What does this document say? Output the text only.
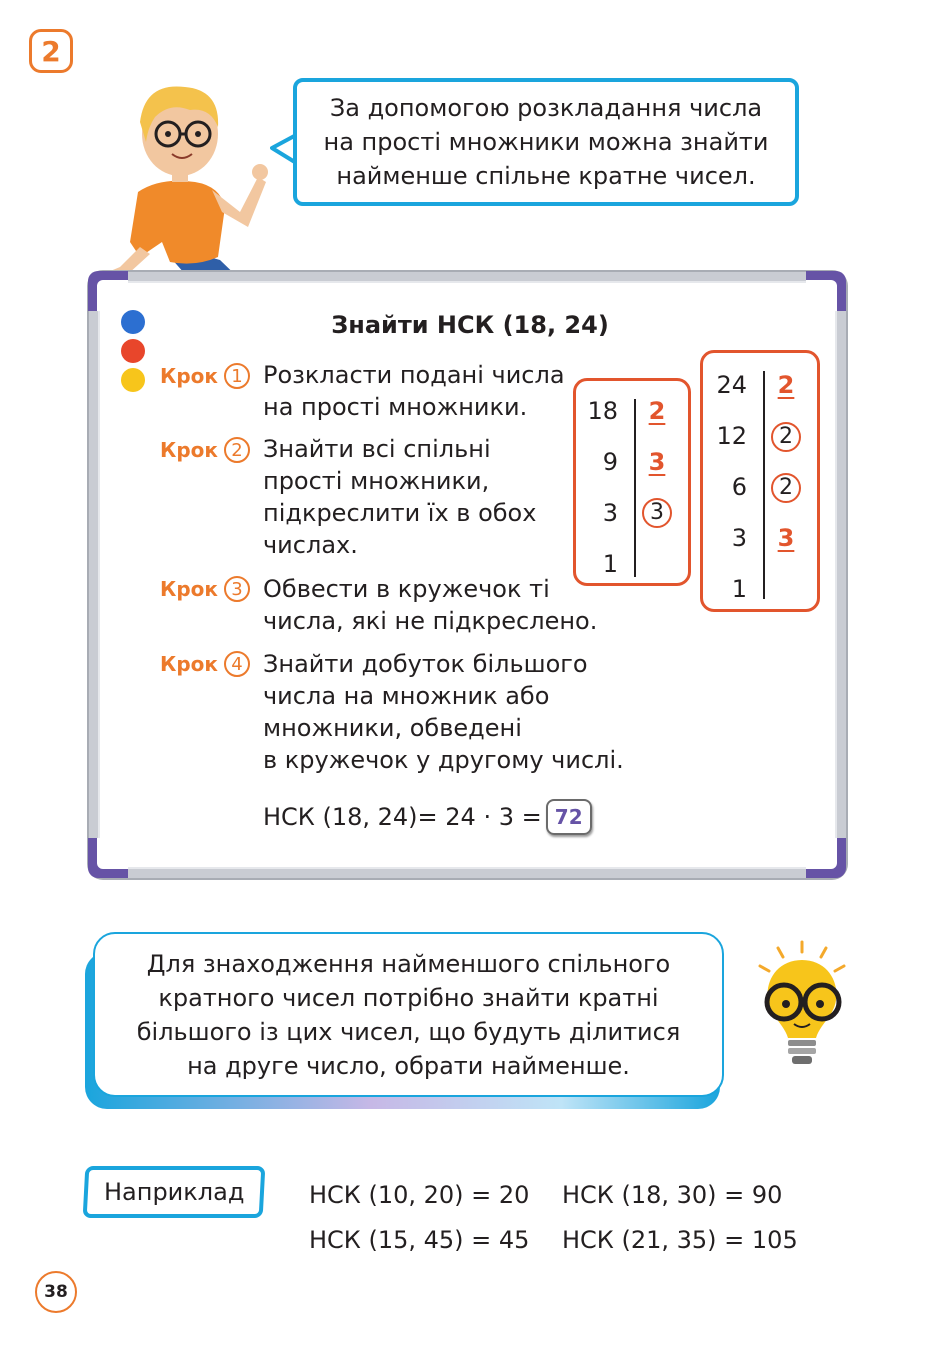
2
За допомогою розкладання числа
на прості множники можна знайти
найменше спільне кратне чисел.
Знайти НСК (18, 24)
Крок 1 Розкласти подані числа
на прості множники.
Крок 2 Знайти всі спільні
прості множники,
підкреслити їх в обох
числах.
Крок 3 Обвести в кружечок ті
числа, які не підкреслено.
Крок 4 Знайти добуток більшого
числа на множник або
множники, обведені
в кружечок у другому числі.
НСК (18, 24)= 24 · 3 = 72
18
9
3
1
2
3
3
24
12
6
3
1
2
2
2
3
Для знаходження найменшого спільного
кратного чисел потрібно знайти кратні
більшого із цих чисел, що будуть ділитися
на друге число, обрати найменше.
Наприклад	НСК (10, 20) = 20 НСК (18, 30) = 90
НСК (15, 45) = 45 НСК (21, 35) = 105
38
